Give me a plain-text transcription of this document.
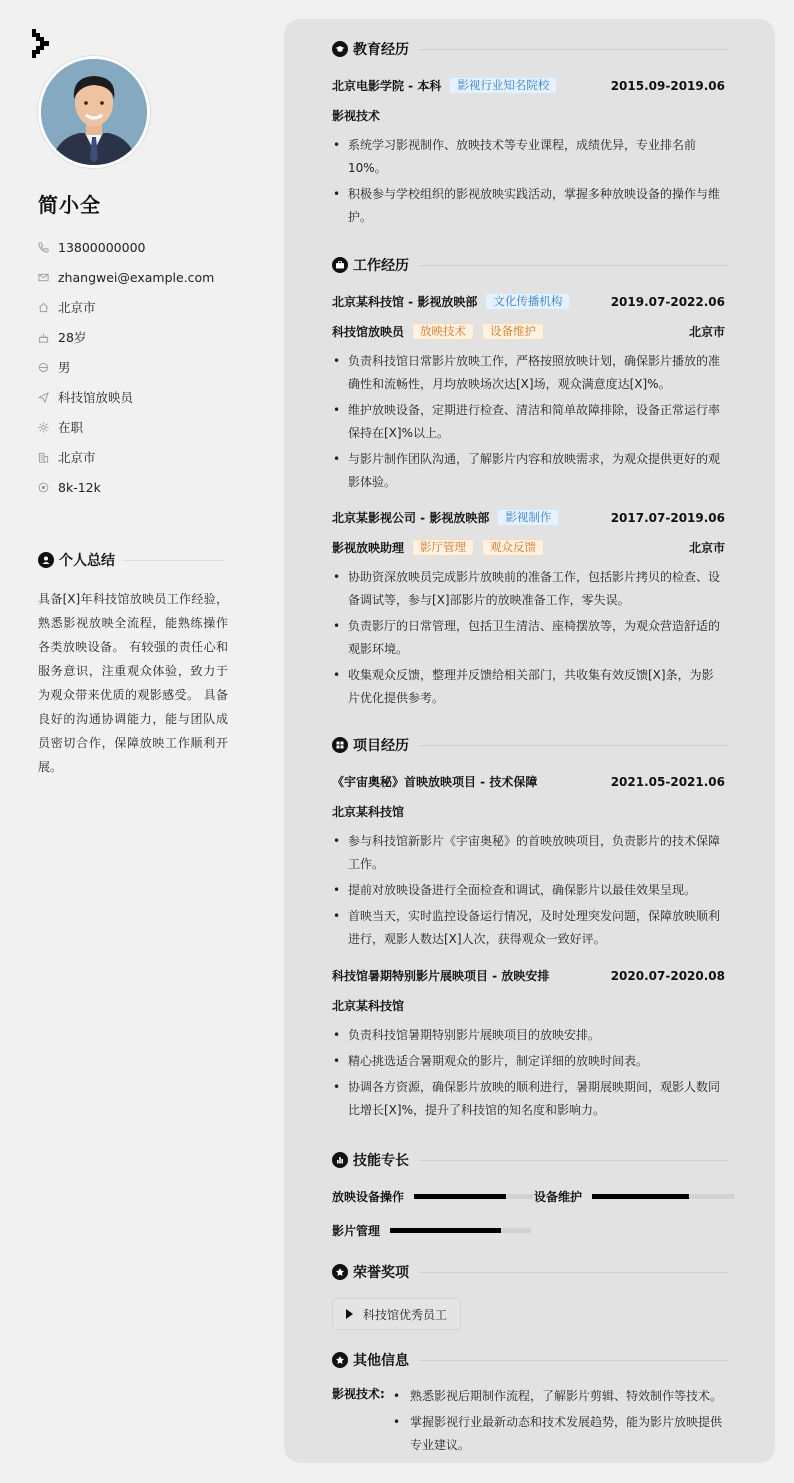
简小全
13800000000
zhangwei@example.com
北京市
28岁
男
科技馆放映员
在职
北京市
8k-12k
个人总结
具备[X]年科技馆放映员工作经验，熟悉影视放映全流程，能熟练操作各类放映设备。 有较强的责任心和服务意识，注重观众体验，致力于为观众带来优质的观影感受。 具备良好的沟通协调能力，能与团队成员密切合作，保障放映工作顺利开展。
教育经历
北京电影学院 - 本科	影视行业知名院校	2015.09-2019.06
影视技术
• 系统学习影视制作、放映技术等专业课程，成绩优异，专业排名前10%。
• 积极参与学校组织的影视放映实践活动，掌握多种放映设备的操作与维护。
工作经历
北京某科技馆 - 影视放映部	文化传播机构	2019.07-2022.06
科技馆放映员	放映技术	设备维护	北京市
• 负责科技馆日常影片放映工作，严格按照放映计划，确保影片播放的准确性和流畅性，月均放映场次达[X]场，观众满意度达[X]%。
• 维护放映设备，定期进行检查、清洁和简单故障排除，设备正常运行率保持在[X]%以上。
• 与影片制作团队沟通，了解影片内容和放映需求，为观众提供更好的观影体验。
北京某影视公司 - 影视放映部	影视制作	2017.07-2019.06
影视放映助理	影厅管理	观众反馈	北京市
• 协助资深放映员完成影片放映前的准备工作，包括影片拷贝的检查、设备调试等，参与[X]部影片的放映准备工作，零失误。
• 负责影厅的日常管理，包括卫生清洁、座椅摆放等，为观众营造舒适的观影环境。
• 收集观众反馈，整理并反馈给相关部门，共收集有效反馈[X]条，为影片优化提供参考。
项目经历
《宇宙奥秘》首映放映项目 - 技术保障	2021.05-2021.06
北京某科技馆
• 参与科技馆新影片《宇宙奥秘》的首映放映项目，负责影片的技术保障工作。
• 提前对放映设备进行全面检查和调试，确保影片以最佳效果呈现。
• 首映当天，实时监控设备运行情况，及时处理突发问题，保障放映顺利进行，观影人数达[X]人次，获得观众一致好评。
科技馆暑期特别影片展映项目 - 放映安排	2020.07-2020.08
北京某科技馆
• 负责科技馆暑期特别影片展映项目的放映安排。
• 精心挑选适合暑期观众的影片，制定详细的放映时间表。
• 协调各方资源，确保影片放映的顺利进行，暑期展映期间，观影人数同比增长[X]%，提升了科技馆的知名度和影响力。
技能专长
放映设备操作	设备维护
影片管理
荣誉奖项
科技馆优秀员工
其他信息
影视技术:
•	熟悉影视后期制作流程，了解影片剪辑、特效制作等技术。
• 掌握影视行业最新动态和技术发展趋势，能为影片放映提供专业建议。
